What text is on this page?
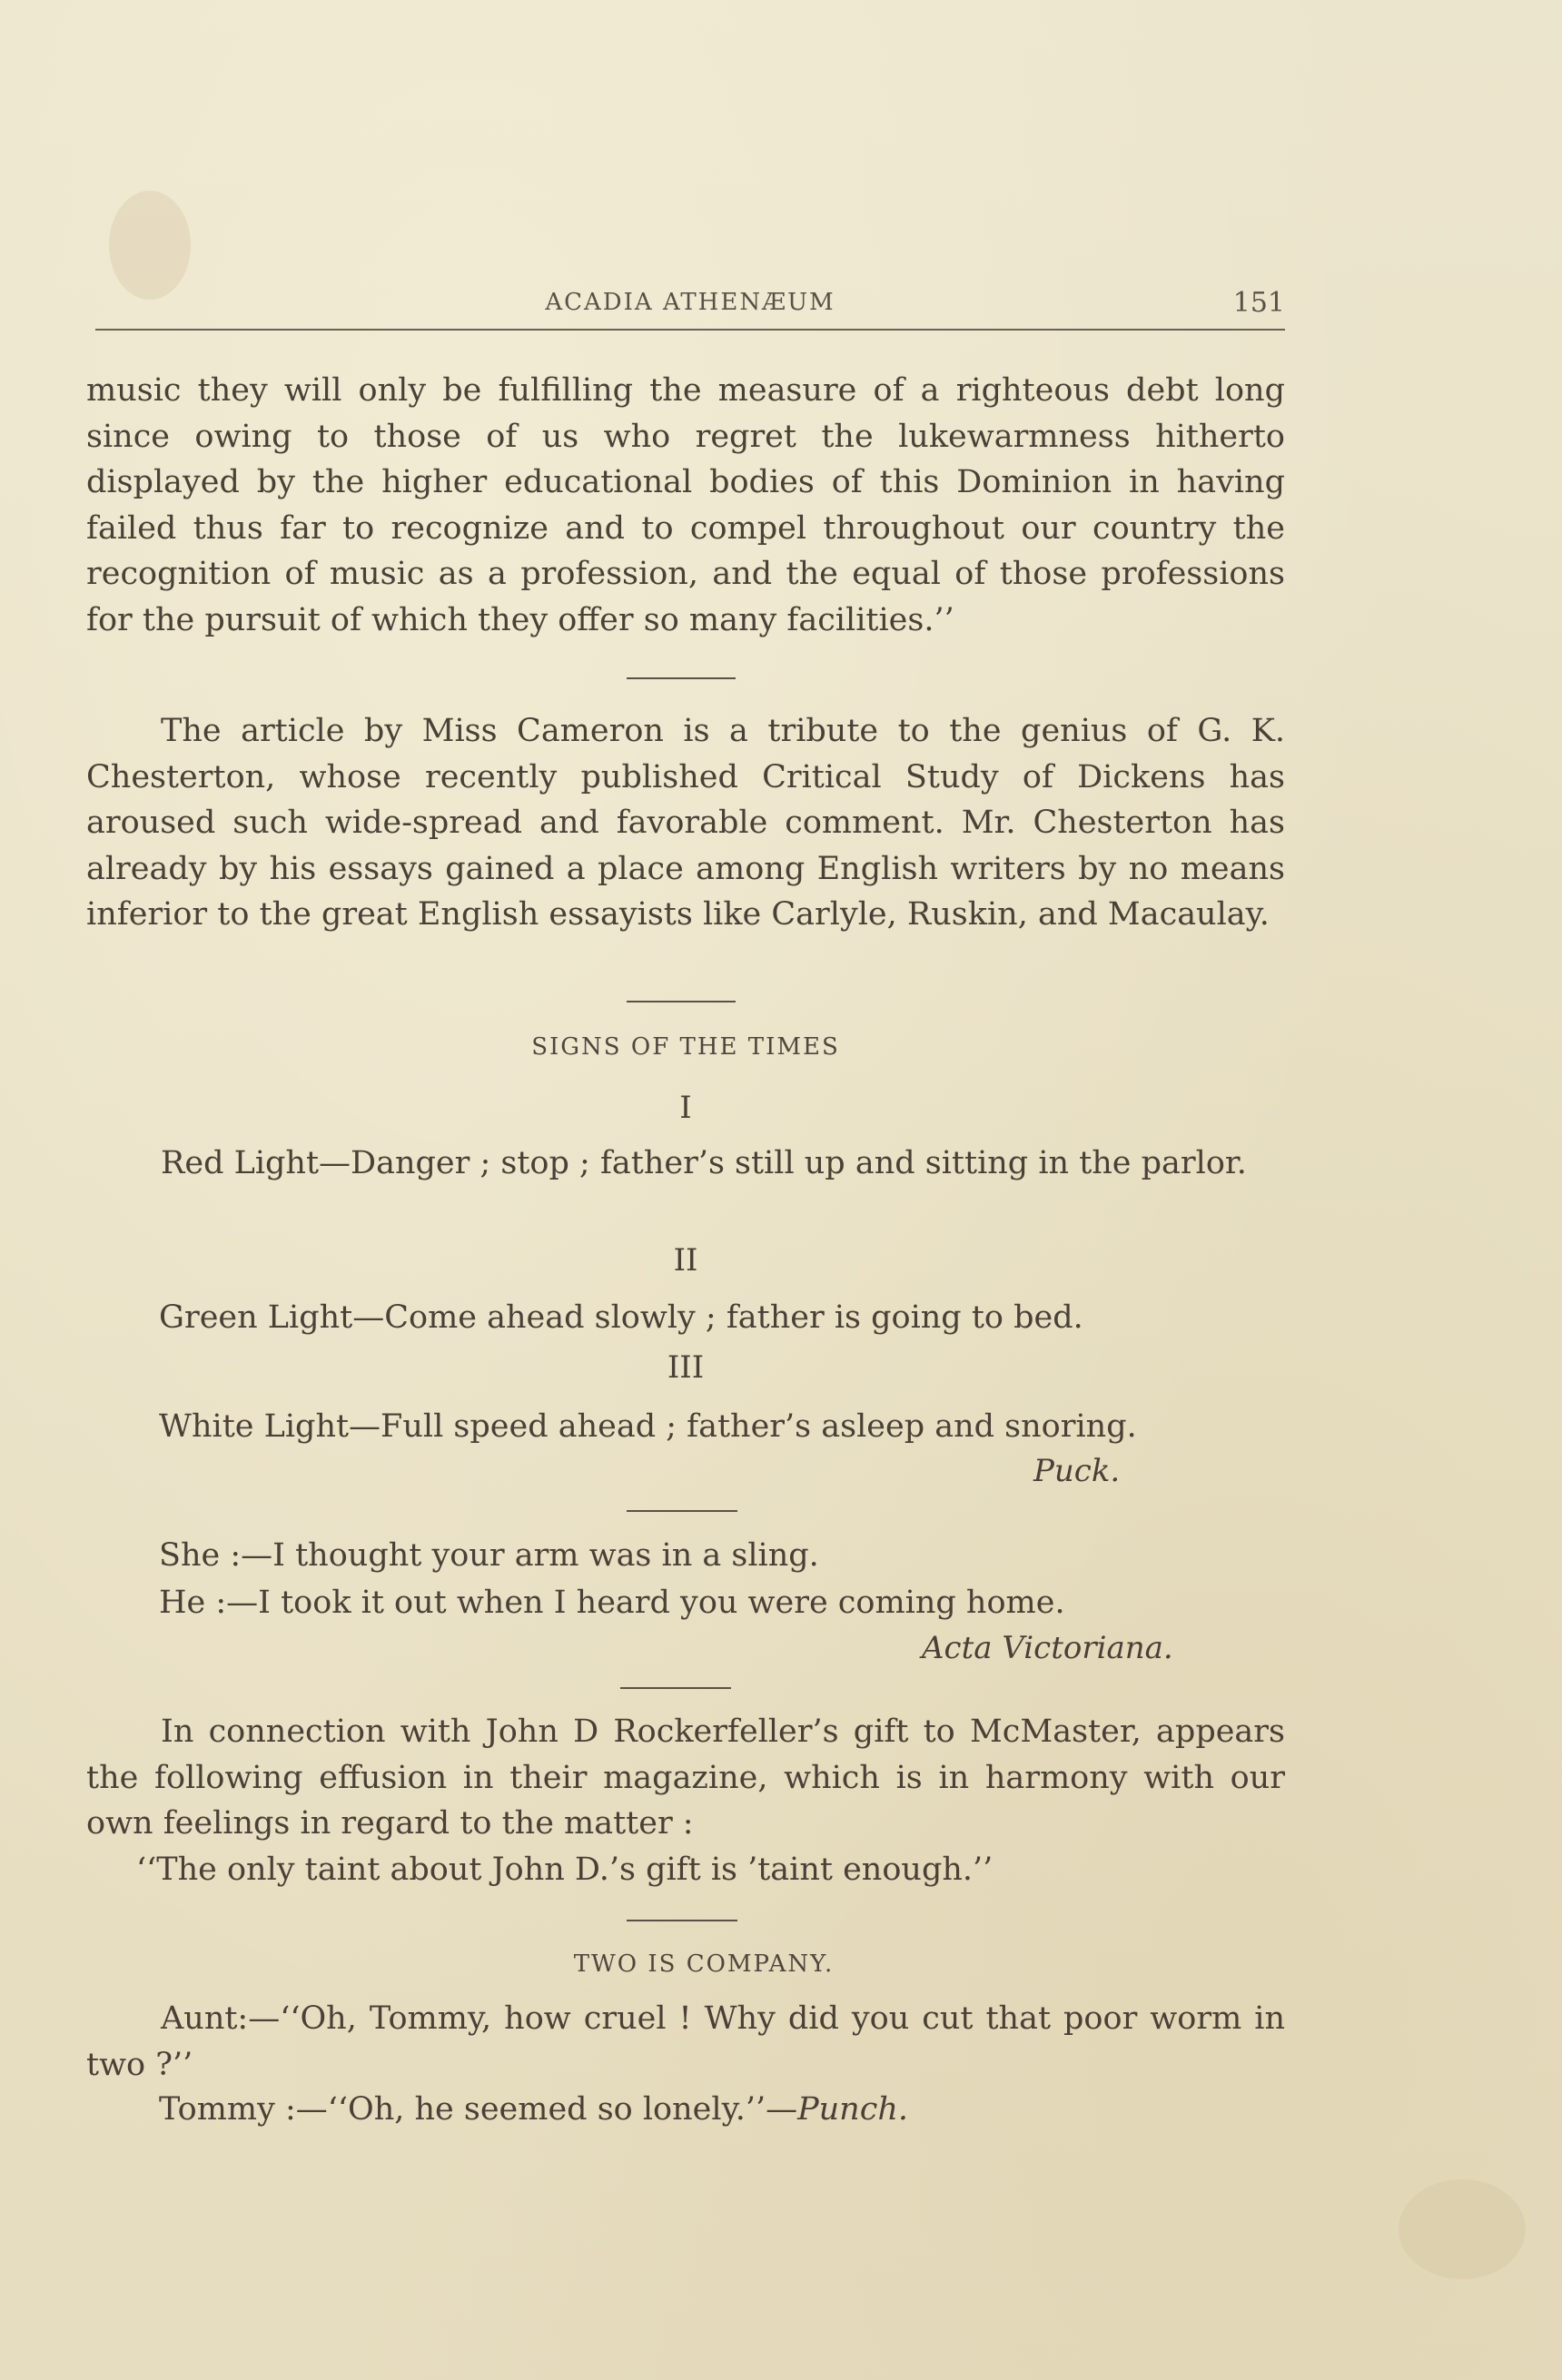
ACADIA ATHENÆUM	151

music they will only be fulfilling the measure of a righteous debt long since owing to those of us who regret the lukewarmness hitherto displayed by the higher educational bodies of this Dominion in having failed thus far to recognize and to compel throughout our country the recognition of music as a profession, and the equal of those professions for the pursuit of which they offer so many facilities.’’

The article by Miss Cameron is a tribute to the genius of G. K. Chesterton, whose recently published Critical Study of Dickens has aroused such wide-spread and favorable comment. Mr. Chesterton has already by his essays gained a place among English writers by no means inferior to the great English essayists like Carlyle, Ruskin, and Macaulay.

SIGNS OF THE TIMES
I

Red Light—Danger ; stop ; father’s still up and sitting in the parlor.

II
Green Light—Come ahead slowly ; father is going to bed.
III
White Light—Full speed ahead ; father’s asleep and snoring.
Puck.
She :—I thought your arm was in a sling.
He :—I took it out when I heard you were coming home.
Acta Victoriana.

In connection with John D Rockerfeller’s gift to McMaster, appears the following effusion in their magazine, which is in harmony with our own feelings in regard to the matter :

‘‘The only taint about John D.’s gift is ’taint enough.’’
TWO IS COMPANY.

Aunt:—‘‘Oh, Tommy, how cruel ! Why did you cut that poor worm in two ?’’

Tommy :—‘‘Oh, he seemed so lonely.’’—Punch.
